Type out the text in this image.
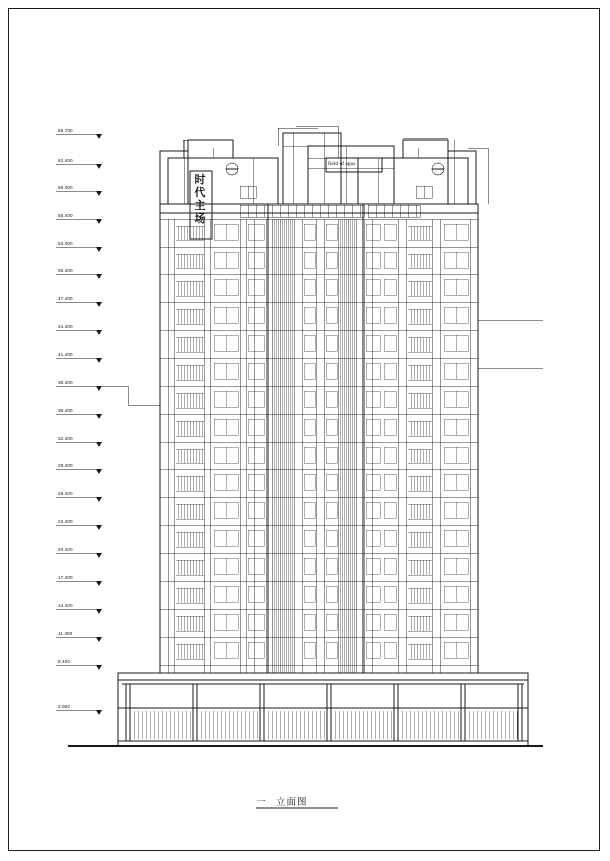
65.700
62.400
59.400
56.400
53.400
50.400
47.400
44.400
41.400
38.400
35.400
32.400
29.400
26.400
23.400
20.400
17.400
14.400
11.400
8.400
3.000
时代主场
field of agus
一 立面图
